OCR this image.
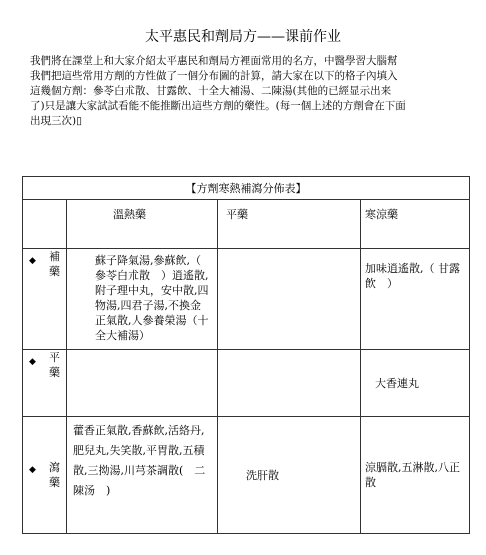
太平惠民和劑局方——课前作业

我們將在課堂上和大家介紹太平惠民和劑局方裡面常用的名方，中醫學習大腦幫

我們把這些常用方劑的方性做了一個分布圖的計算，請大家在以下的格子內填入

這幾個方劑：參苓白朮散、甘露飲、十全大補湯、二陳湯(其他的已經显示出来

了)只是讓大家試試看能不能推斷出這些方劑的藥性。(每一個上述的方劑會在下面

出現三次)▯

【方劑寒熱補瀉分佈表】			

	溫熱藥	平藥	寒涼藥

◆ 補藥	蘇子降氣湯,參蘇飲,（　參苓白朮散　）逍遙散,附子理中丸，安中散,四物湯,四君子湯,不換金正氣散,人參養榮湯（十全大補湯）		加味逍遙散,（ 甘露飲　）

◆ 平藥			大香連丸

◆ 瀉藥	藿香正氣散,香蘇飲,活絡丹,肥兒丸,失笑散,平胃散,五積散,三拗湯,川芎茶調散(　二陳汤　)	洗肝散	涼膈散,五淋散,八正散
